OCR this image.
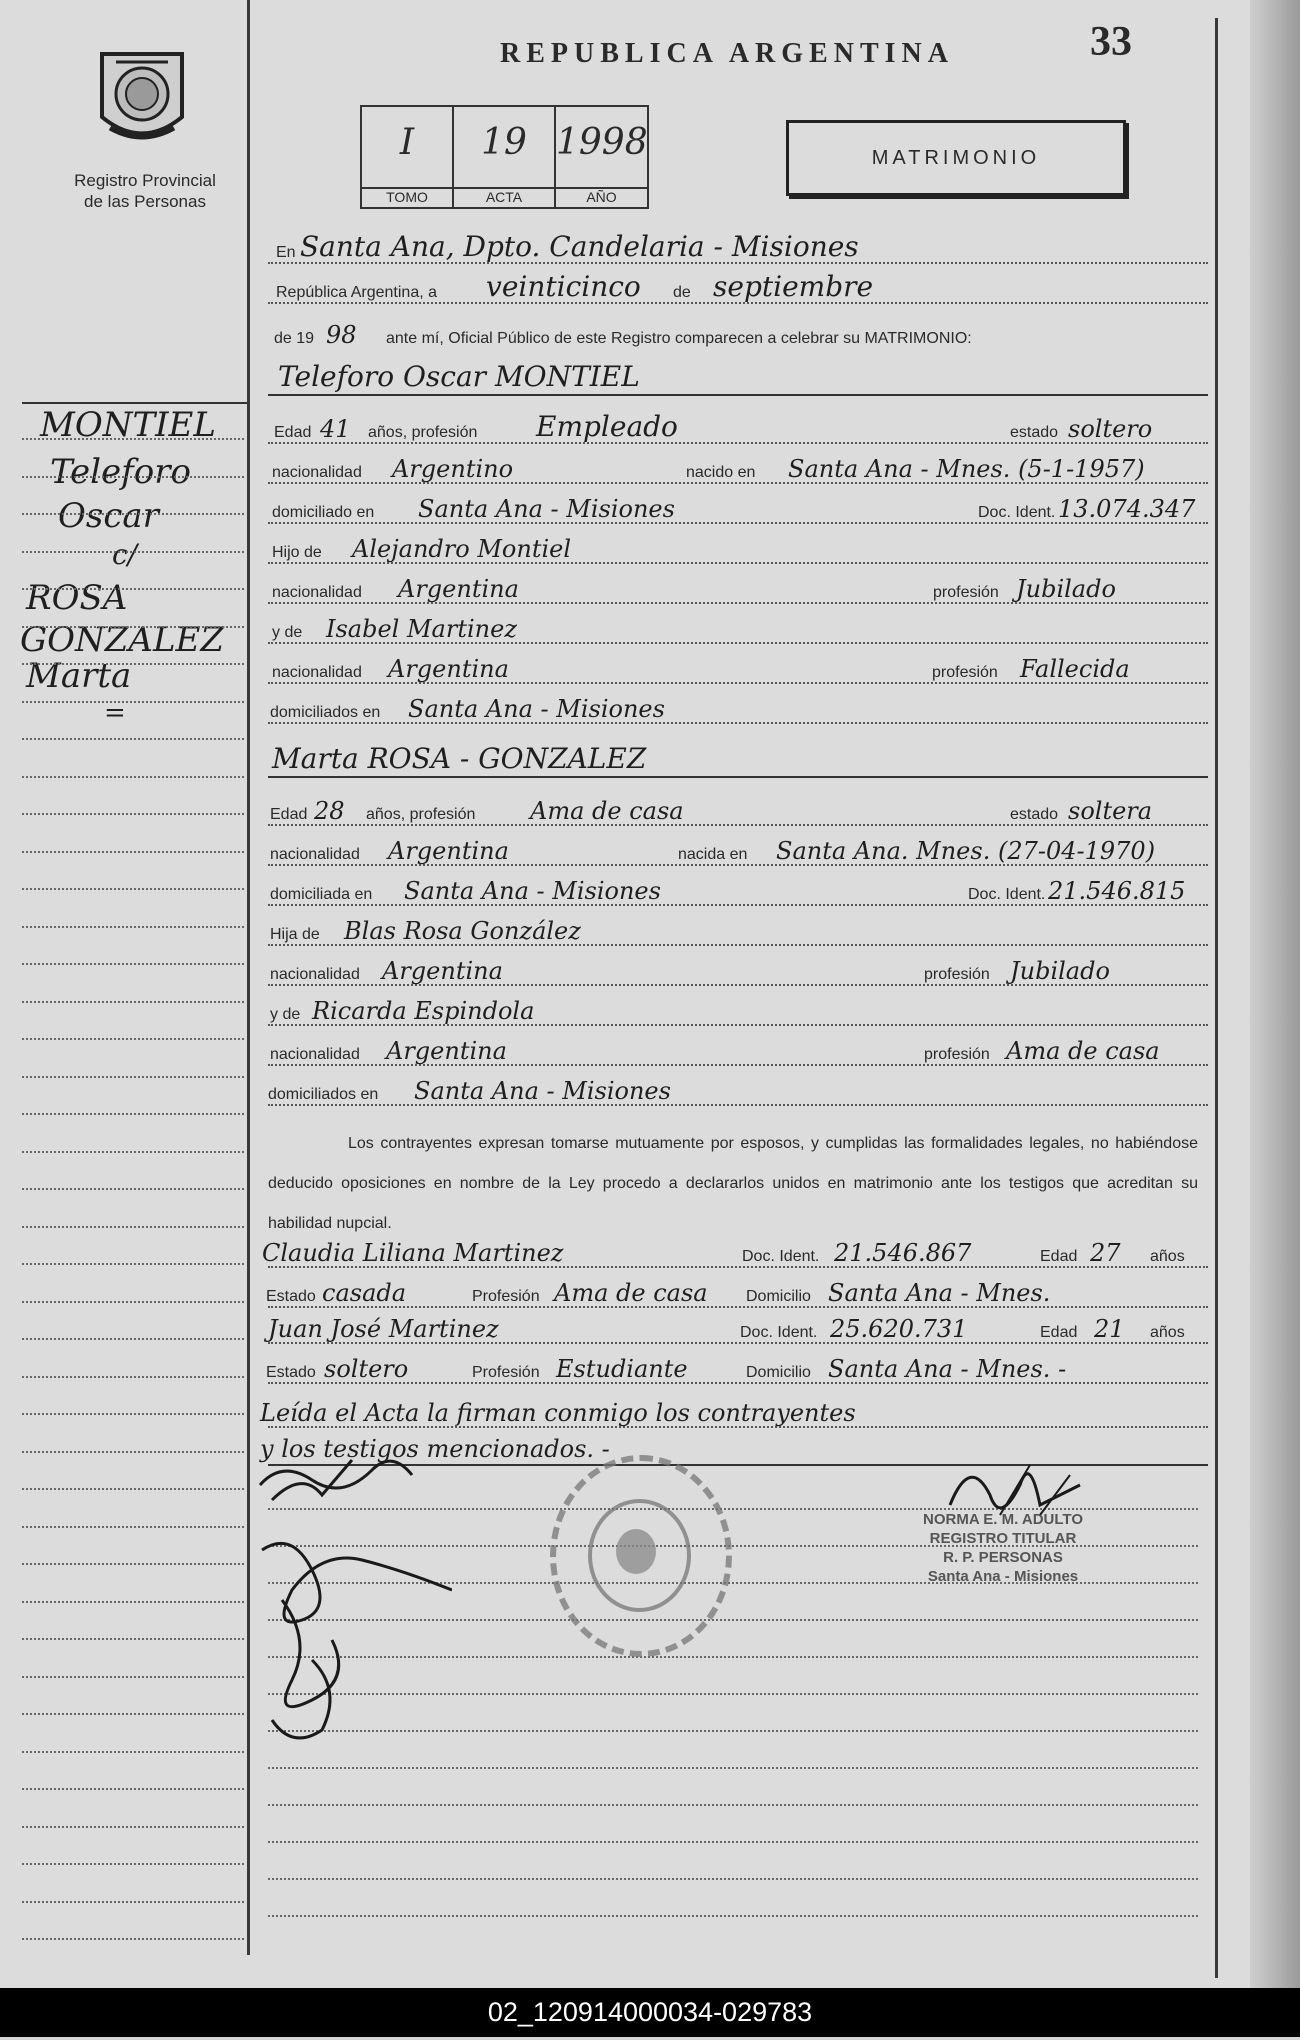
Registro Provincial
de las Personas
REPUBLICA ARGENTINA	33
I
TOMO
19
ACTA
1998
AÑO
MATRIMONIO
En Santa Ana, Dpto. Candelaria - Misiones
República Argentina, a veinticinco de septiembre
de 19 98 ante mí, Oficial Público de este Registro comparecen a celebrar su MATRIMONIO:
Teleforo Oscar MONTIEL
Edad 41 años, profesión Empleado	estado soltero
nacionalidad Argentino	nacido en Santa Ana - Mnes. (5-1-1957)
domiciliado en Santa Ana - Misiones	Doc. Ident. 13.074.347
Hijo de Alejandro Montiel
nacionalidad Argentina	profesión Jubilado
y de Isabel Martinez
nacionalidad Argentina	profesión Fallecida
domiciliados en Santa Ana - Misiones
Marta ROSA - GONZALEZ
Edad 28 años, profesión Ama de casa	estado soltera
nacionalidad Argentina	nacida en Santa Ana. Mnes. (27-04-1970)
domiciliada en Santa Ana - Misiones	Doc. Ident. 21.546.815
Hija de Blas Rosa González
nacionalidad Argentina	profesión Jubilado
y de Ricarda Espindola
nacionalidad Argentina	profesión Ama de casa
domiciliados en Santa Ana - Misiones
Los contrayentes expresan tomarse mutuamente por esposos, y cumplidas las formalidades legales, no habiéndose deducido oposiciones en nombre de la Ley procedo a declararlos unidos en matrimonio ante los testigos que acreditan su habilidad nupcial.
Claudia Liliana Martinez	Doc. Ident. 21.546.867	Edad 27 años
Estado casada	Profesión Ama de casa Domicilio Santa Ana - Mnes.
Juan José Martinez	Doc. Ident. 25.620.731	Edad 21 años
Estado soltero	Profesión Estudiante	Domicilio Santa Ana - Mnes. -
Leída el Acta la firman conmigo los contrayentes
y los testigos mencionados. -
NORMA E. M. ADULTO
REGISTRO TITULAR
R. P. PERSONAS
Santa Ana - Misiones
MONTIEL
Teleforo
Oscar
c/
ROSA
GONZALEZ
Marta
=
02_120914000034-029783
